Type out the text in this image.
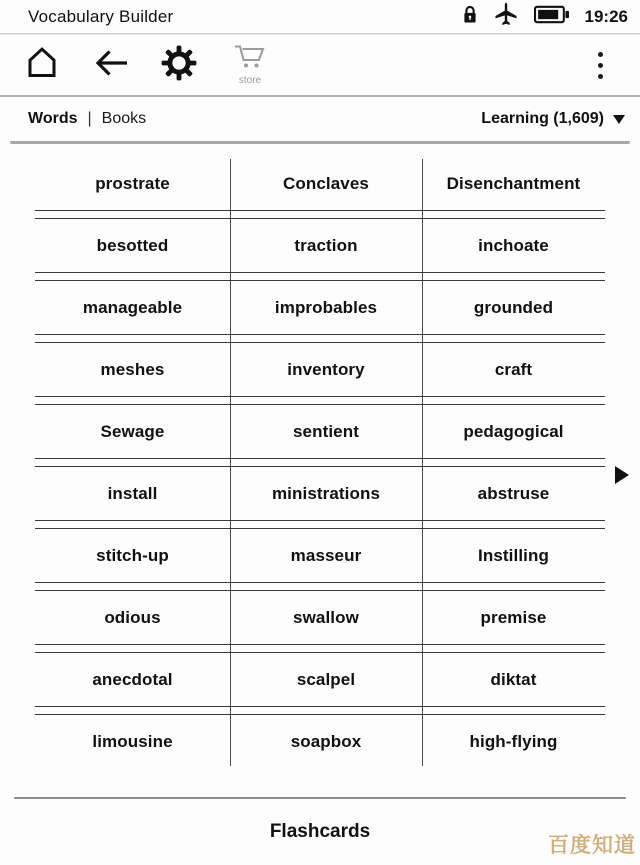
Vocabulary Builder	19:26
store
Words | Books	Learning (1,609)
prostrate	Conclaves	Disenchantment
besotted	traction	inchoate
manageable	improbables	grounded
meshes	inventory	craft
Sewage	sentient	pedagogical
install	ministrations	abstruse
stitch-up	masseur	Instilling
odious	swallow	premise
anecdotal	scalpel	diktat
limousine	soapbox	high-flying
Flashcards
百度知道
